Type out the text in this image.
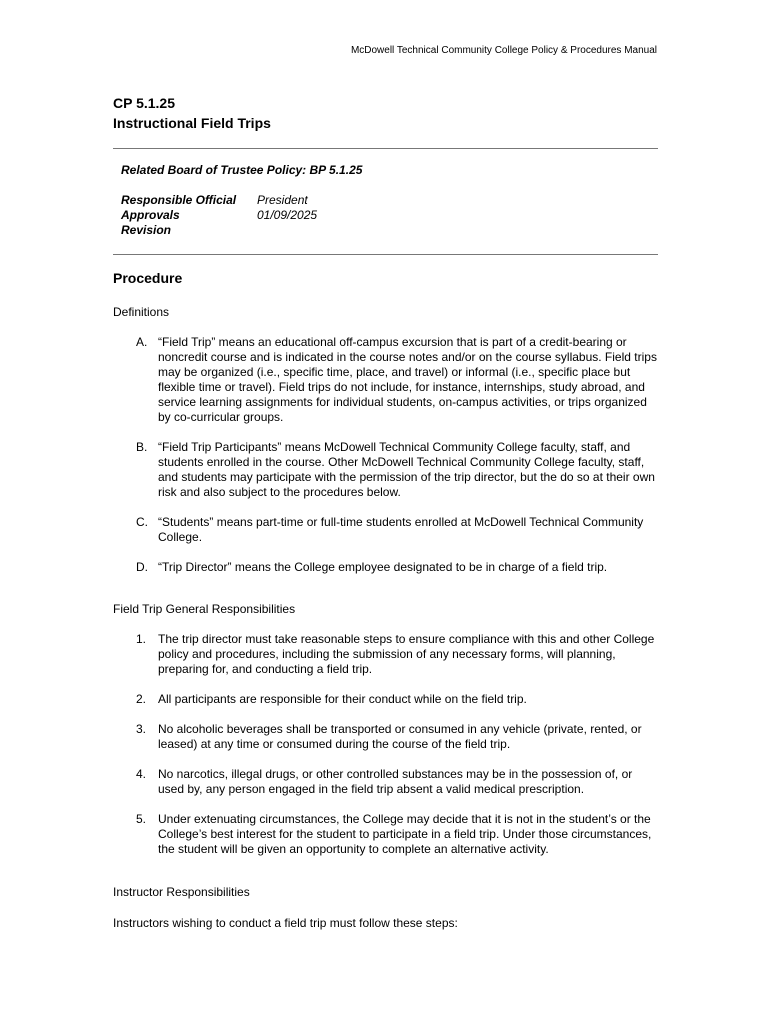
McDowell Technical Community College Policy & Procedures Manual
CP 5.1.25
Instructional Field Trips
Related Board of Trustee Policy: BP 5.1.25
Responsible Official
Approvals
Revision
President
01/09/2025
Procedure
Definitions
A. “Field Trip” means an educational off-campus excursion that is part of a credit-bearing or noncredit course and is indicated in the course notes and/or on the course syllabus. Field trips may be organized (i.e., specific time, place, and travel) or informal (i.e., specific place but flexible time or travel). Field trips do not include, for instance, internships, study abroad, and service learning assignments for individual students, on-campus activities, or trips organized by co-curricular groups.
B. “Field Trip Participants” means McDowell Technical Community College faculty, staff, and students enrolled in the course. Other McDowell Technical Community College faculty, staff, and students may participate with the permission of the trip director, but the do so at their own risk and also subject to the procedures below.
C. “Students” means part-time or full-time students enrolled at McDowell Technical Community College.
D. “Trip Director” means the College employee designated to be in charge of a field trip.
Field Trip General Responsibilities
1. The trip director must take reasonable steps to ensure compliance with this and other College policy and procedures, including the submission of any necessary forms, will planning, preparing for, and conducting a field trip.
2. All participants are responsible for their conduct while on the field trip.
3. No alcoholic beverages shall be transported or consumed in any vehicle (private, rented, or leased) at any time or consumed during the course of the field trip.
4. No narcotics, illegal drugs, or other controlled substances may be in the possession of, or used by, any person engaged in the field trip absent a valid medical prescription.
5. Under extenuating circumstances, the College may decide that it is not in the student’s or the College’s best interest for the student to participate in a field trip. Under those circumstances, the student will be given an opportunity to complete an alternative activity.
Instructor Responsibilities
Instructors wishing to conduct a field trip must follow these steps:
